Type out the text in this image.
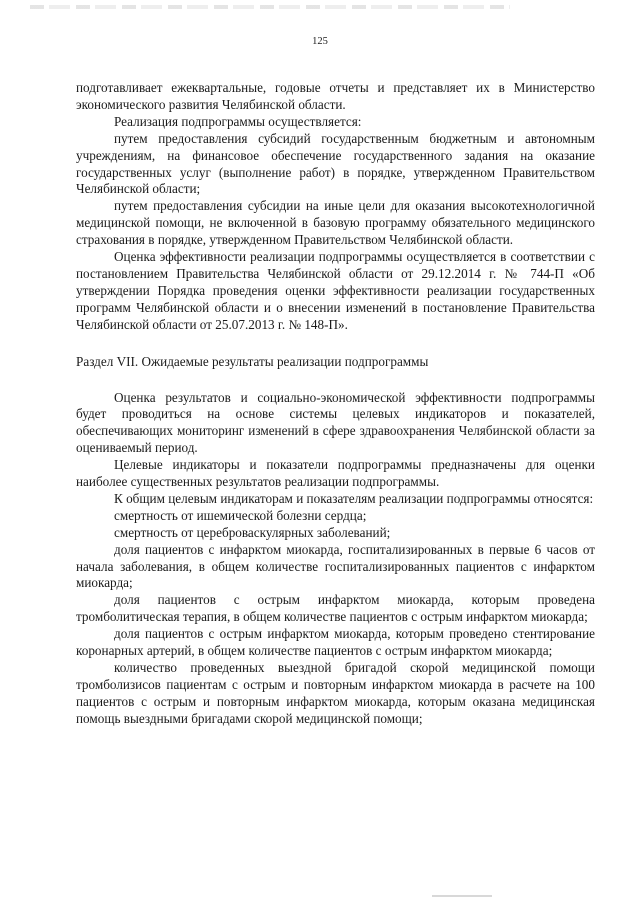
125

подготавливает ежеквартальные, годовые отчеты и представляет их в Министерство экономического развития Челябинской области.

Реализация подпрограммы осуществляется:

путем предоставления субсидий государственным бюджетным и автономным учреждениям, на финансовое обеспечение государственного задания на оказание государственных услуг (выполнение работ) в порядке, утвержденном Правительством Челябинской области;

путем предоставления субсидии на иные цели для оказания высокотехнологичной медицинской помощи, не включенной в базовую программу обязательного медицинского страхования в порядке, утвержденном Правительством Челябинской области.

Оценка эффективности реализации подпрограммы осуществляется в соответствии с постановлением Правительства Челябинской области от 29.12.2014 г. № 744-П «Об утверждении Порядка проведения оценки эффективности реализации государственных программ Челябинской области и о внесении изменений в постановление Правительства Челябинской области от 25.07.2013 г. № 148-П».

Раздел VII. Ожидаемые результаты реализации подпрограммы

Оценка результатов и социально-экономической эффективности подпрограммы будет проводиться на основе системы целевых индикаторов и показателей, обеспечивающих мониторинг изменений в сфере здравоохранения Челябинской области за оцениваемый период.

Целевые индикаторы и показатели подпрограммы предназначены для оценки наиболее существенных результатов реализации подпрограммы.

К общим целевым индикаторам и показателям реализации подпрограммы относятся:

смертность от ишемической болезни сердца;

смертность от цереброваскулярных заболеваний;

доля пациентов с инфарктом миокарда, госпитализированных в первые 6 часов от начала заболевания, в общем количестве госпитализированных пациентов с инфарктом миокарда;

доля пациентов с острым инфарктом миокарда, которым проведена тромболитическая терапия, в общем количестве пациентов с острым инфарктом миокарда;

доля пациентов с острым инфарктом миокарда, которым проведено стентирование коронарных артерий, в общем количестве пациентов с острым инфарктом миокарда;

количество проведенных выездной бригадой скорой медицинской помощи тромболизисов пациентам с острым и повторным инфарктом миокарда в расчете на 100 пациентов с острым и повторным инфарктом миокарда, которым оказана медицинская помощь выездными бригадами скорой медицинской помощи;
